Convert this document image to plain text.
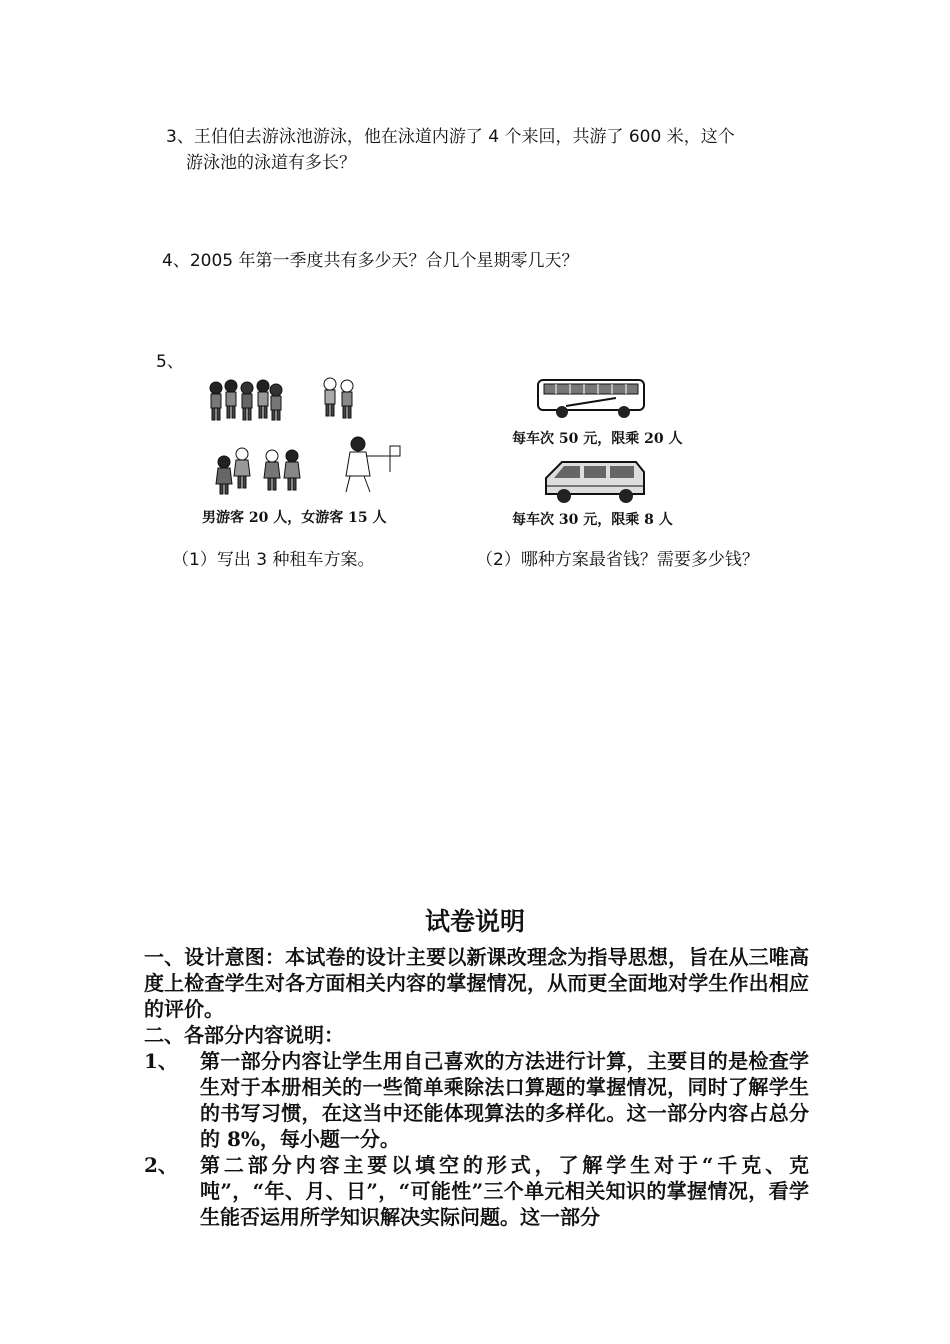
3、王伯伯去游泳池游泳，他在泳道内游了 4 个来回，共游了 600 米，这个
游泳池的泳道有多长？
4、2005 年第一季度共有多少天？合几个星期零几天？
5、
男游客 20 人，女游客 15 人
每车次 50 元，限乘 20 人
每车次 30 元，限乘 8 人
（1）写出 3 种租车方案。	（2）哪种方案最省钱？需要多少钱？
试卷说明
一、设计意图：本试卷的设计主要以新课改理念为指导思想，旨在从三唯高度上检查学生对各方面相关内容的掌握情况，从而更全面地对学生作出相应的评价。
二、各部分内容说明：
1、 第一部分内容让学生用自己喜欢的方法进行计算，主要目的是检查学生对于本册相关的一些简单乘除法口算题的掌握情况，同时了解学生的书写习惯，在这当中还能体现算法的多样化。这一部分内容占总分的 8%，每小题一分。
2、 第二部分内容主要以填空的形式，了解学生对于“千克、克吨”，“年、月、日”，“可能性”三个单元相关知识的掌握情况，看学生能否运用所学知识解决实际问题。这一部分
